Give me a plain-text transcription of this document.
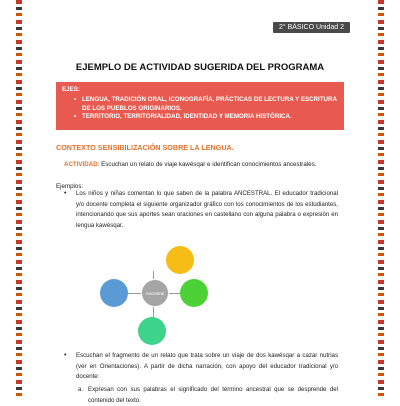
2° BÁSICO Unidad 2
EJEMPLO DE ACTIVIDAD SUGERIDA DEL PROGRAMA
EJES:
• LENGUA, TRADICIÓN ORAL, ICONOGRAFÍA, PRÁCTICAS DE LECTURA Y ESCRITURA DE LOS PUEBLOS ORIGINARIOS.
• TERRITORIO, TERRITORIALIDAD, IDENTIDAD Y MEMORIA HISTÓRICA.
CONTEXTO SENSIBILIZACIÓN SOBRE LA LENGUA.
ACTIVIDAD: Escuchan un relato de viaje kawésqar e identifican conocimientos ancestrales.
Ejemplos:
• Los niños y niñas comentan lo que saben de la palabra ANCESTRAL. El educador tradicional y/o docente completa el siguiente organizador gráfico con los conocimientos de los estudiantes, intencionando que sus aportes sean oraciones en castellano con alguna palabra o expresión en lengua kawésqar.
Ancestral
• Escuchan el fragmento de un relato que trata sobre un viaje de dos kawésqar a cazar nutrias (ver en Orientaciones). A partir de dicha narración, con apoyo del educador tradicional y/o docente:
a. Expresan con sus palabras el significado del término ancestral que se desprende del contenido del texto.
